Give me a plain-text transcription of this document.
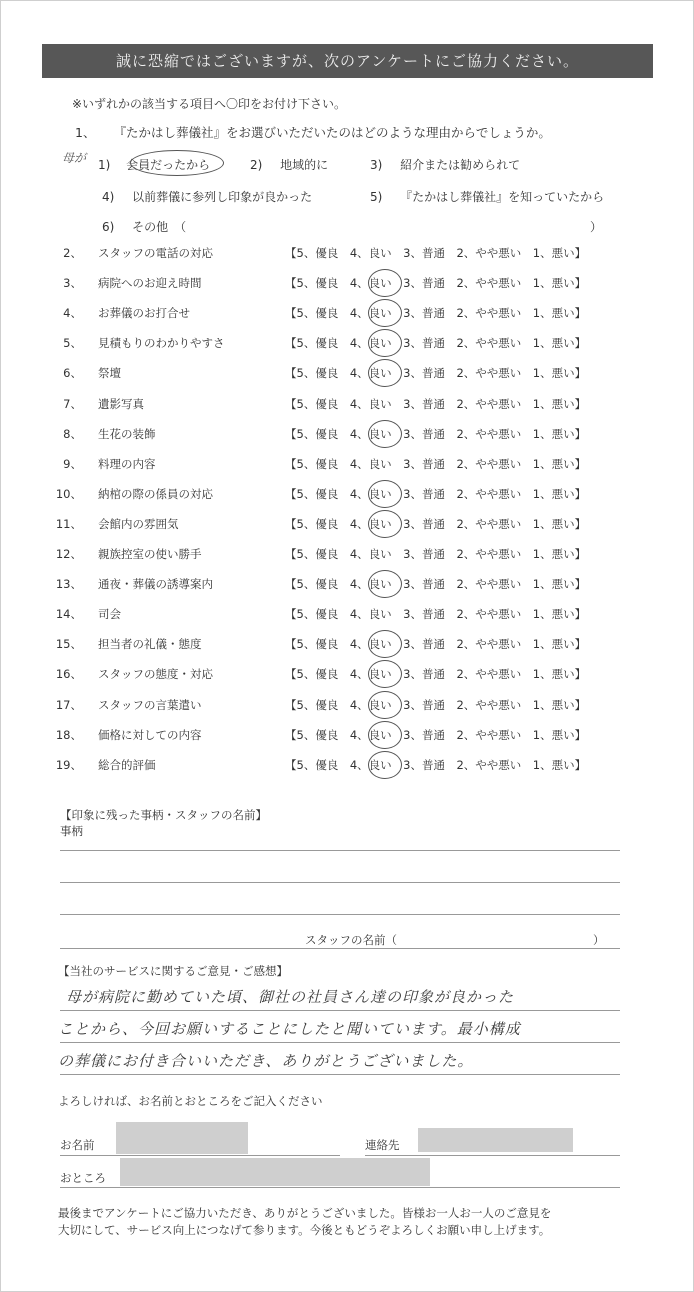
誠に恐縮ではございますが、次のアンケートにご協力ください。
※いずれかの該当する項目へ〇印をお付け下さい。
1、 『たかはし葬儀社』をお選びいただいたのはどのような理由からでしょうか。
母が 1) 会員だったから	2) 地域的に	3) 紹介または勧められて
4) 以前葬儀に参列し印象が良かった	5) 『たかはし葬儀社』を知っていたから
6) その他　（	）
2、 スタッフの電話の対応	【5、優良　4、良い　3、普通　2、やや悪い　1、悪い】
3、 病院へのお迎え時間	【5、優良　4、良い　3、普通　2、やや悪い　1、悪い】
4、 お葬儀のお打合せ	【5、優良　4、良い　3、普通　2、やや悪い　1、悪い】
5、 見積もりのわかりやすさ	【5、優良　4、良い　3、普通　2、やや悪い　1、悪い】
6、 祭壇	【5、優良　4、良い　3、普通　2、やや悪い　1、悪い】
7、 遺影写真	【5、優良　4、良い　3、普通　2、やや悪い　1、悪い】
8、 生花の装飾	【5、優良　4、良い　3、普通　2、やや悪い　1、悪い】
9、 料理の内容	【5、優良　4、良い　3、普通　2、やや悪い　1、悪い】
10、 納棺の際の係員の対応	【5、優良　4、良い　3、普通　2、やや悪い　1、悪い】
11、 会館内の雰囲気	【5、優良　4、良い　3、普通　2、やや悪い　1、悪い】
12、 親族控室の使い勝手	【5、優良　4、良い　3、普通　2、やや悪い　1、悪い】
13、 通夜・葬儀の誘導案内	【5、優良　4、良い　3、普通　2、やや悪い　1、悪い】
14、 司会	【5、優良　4、良い　3、普通　2、やや悪い　1、悪い】
15、 担当者の礼儀・態度	【5、優良　4、良い　3、普通　2、やや悪い　1、悪い】
16、 スタッフの態度・対応	【5、優良　4、良い　3、普通　2、やや悪い　1、悪い】
17、 スタッフの言葉遣い	【5、優良　4、良い　3、普通　2、やや悪い　1、悪い】
18、 価格に対しての内容	【5、優良　4、良い　3、普通　2、やや悪い　1、悪い】
19、 総合的評価	【5、優良　4、良い　3、普通　2、やや悪い　1、悪い】
【印象に残った事柄・スタッフの名前】
事柄
スタッフの名前（	）
【当社のサービスに関するご意見・ご感想】
母が病院に勤めていた頃、御社の社員さん達の印象が良かった
ことから、今回お願いすることにしたと聞いています。最小構成
の葬儀にお付き合いいただき、ありがとうございました。
よろしければ、お名前とおところをご記入ください
お名前	連絡先
おところ
最後までアンケートにご協力いただき、ありがとうございました。皆様お一人お一人のご意見を
大切にして、サービス向上につなげて参ります。今後ともどうぞよろしくお願い申し上げます。
